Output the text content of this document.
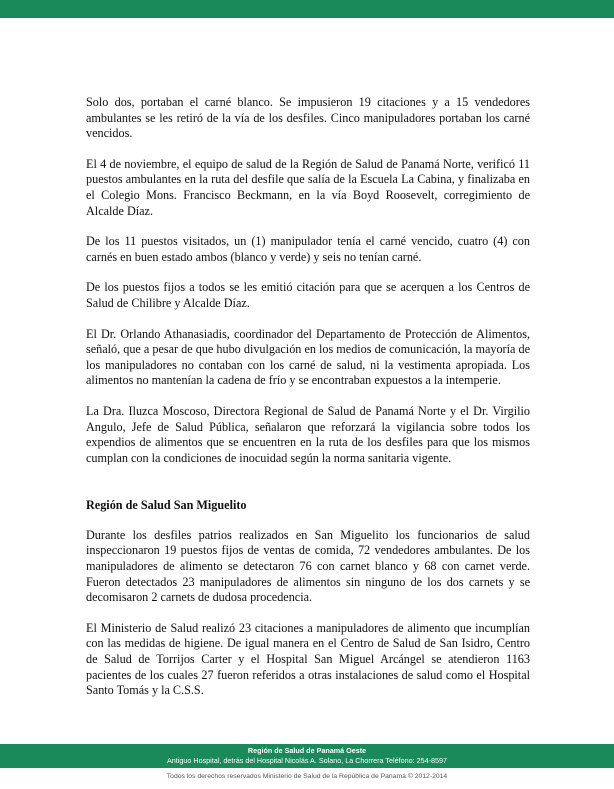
Solo dos, portaban el carné blanco. Se impusieron 19 citaciones y a 15 vendedores ambulantes se les retiró de la vía de los desfiles. Cinco manipuladores portaban los carné vencidos.

El 4 de noviembre, el equipo de salud de la Región de Salud de Panamá Norte, verificó 11 puestos ambulantes en la ruta del desfile que salía de la Escuela La Cabina, y finalizaba en el Colegio Mons. Francisco Beckmann, en la vía Boyd Roosevelt, corregimiento de Alcalde Díaz.

De los 11 puestos visitados, un (1) manipulador tenía el carné vencido, cuatro (4) con carnés en buen estado ambos (blanco y verde) y seis no tenían carné.

De los puestos fijos a todos se les emitió citación para que se acerquen a los Centros de Salud de Chilibre y Alcalde Díaz.

El Dr. Orlando Athanasiadis, coordinador del Departamento de Protección de Alimentos, señaló, que a pesar de que hubo divulgación en los medios de comunicación, la mayoría de los manipuladores no contaban con los carné de salud, ni la vestimenta apropiada. Los alimentos no mantenían la cadena de frío y se encontraban expuestos a la intemperie.

La Dra. Iluzca Moscoso, Directora Regional de Salud de Panamá Norte y el Dr. Virgilio Angulo, Jefe de Salud Pública, señalaron que reforzará la vigilancia sobre todos los expendios de alimentos que se encuentren en la ruta de los desfiles para que los mismos cumplan con la condiciones de inocuidad según la norma sanitaria vigente.

Región de Salud San Miguelito

Durante los desfiles patrios realizados en San Miguelito los funcionarios de salud inspeccionaron 19 puestos fijos de ventas de comida, 72 vendedores ambulantes. De los manipuladores de alimento se detectaron 76 con carnet blanco y 68 con carnet verde. Fueron detectados 23 manipuladores de alimentos sin ninguno de los dos carnets y se decomisaron 2 carnets de dudosa procedencia.

El Ministerio de Salud realizó 23 citaciones a manipuladores de alimento que incumplían con las medidas de higiene. De igual manera en el Centro de Salud de San Isidro, Centro de Salud de Torrijos Carter y el Hospital San Miguel Arcángel se atendieron 1163 pacientes de los cuales 27 fueron referidos a otras instalaciones de salud como el Hospital Santo Tomás y la C.S.S.

Región de Salud de Panamá Oeste
Antiguo Hospital, detrás del Hospital Nicolás A. Solano, La Chorrera Teléfono: 254-8597
Todos los derechos reservados Ministerio de Salud de la República de Panamá © 2012-2014
